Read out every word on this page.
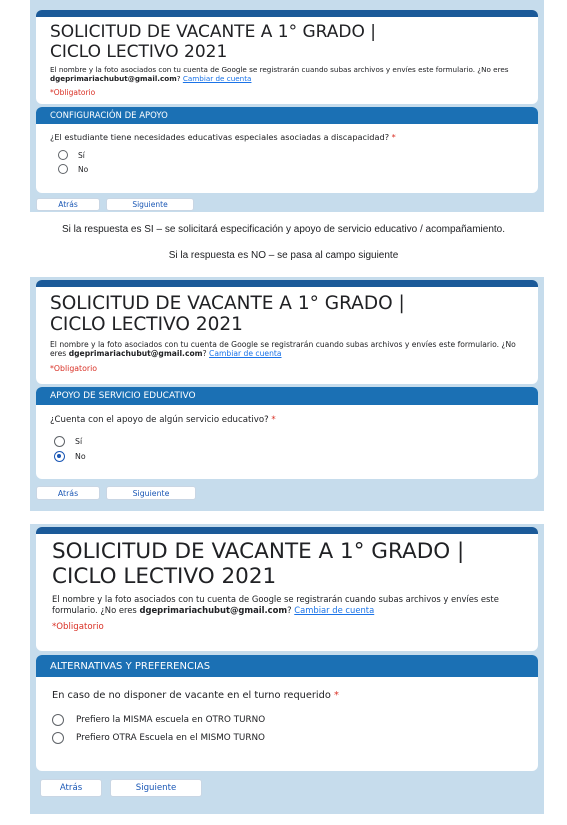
SOLICITUD DE VACANTE A 1° GRADO |
CICLO LECTIVO 2021
El nombre y la foto asociados con tu cuenta de Google se registrarán cuando subas archivos y envíes este formulario. ¿No eres dgeprimariachubut@gmail.com? Cambiar de cuenta
*Obligatorio
CONFIGURACIÓN DE APOYO
¿El estudiante tiene necesidades educativas especiales asociadas a discapacidad? *
Sí
No
Atrás	Siguiente
Si la respuesta es SI – se solicitará especificación y apoyo de servicio educativo / acompañamiento.
Si la respuesta es NO – se pasa al campo siguiente
SOLICITUD DE VACANTE A 1° GRADO |
CICLO LECTIVO 2021
El nombre y la foto asociados con tu cuenta de Google se registrarán cuando subas archivos y envíes este formulario. ¿No eres dgeprimariachubut@gmail.com? Cambiar de cuenta
*Obligatorio
APOYO DE SERVICIO EDUCATIVO
¿Cuenta con el apoyo de algún servicio educativo? *
Sí
No
Atrás	Siguiente
SOLICITUD DE VACANTE A 1° GRADO |
CICLO LECTIVO 2021
El nombre y la foto asociados con tu cuenta de Google se registrarán cuando subas archivos y envíes este formulario. ¿No eres dgeprimariachubut@gmail.com? Cambiar de cuenta
*Obligatorio
ALTERNATIVAS Y PREFERENCIAS
En caso de no disponer de vacante en el turno requerido *
Prefiero la MISMA escuela en OTRO TURNO
Prefiero OTRA Escuela en el MISMO TURNO
Atrás	Siguiente
